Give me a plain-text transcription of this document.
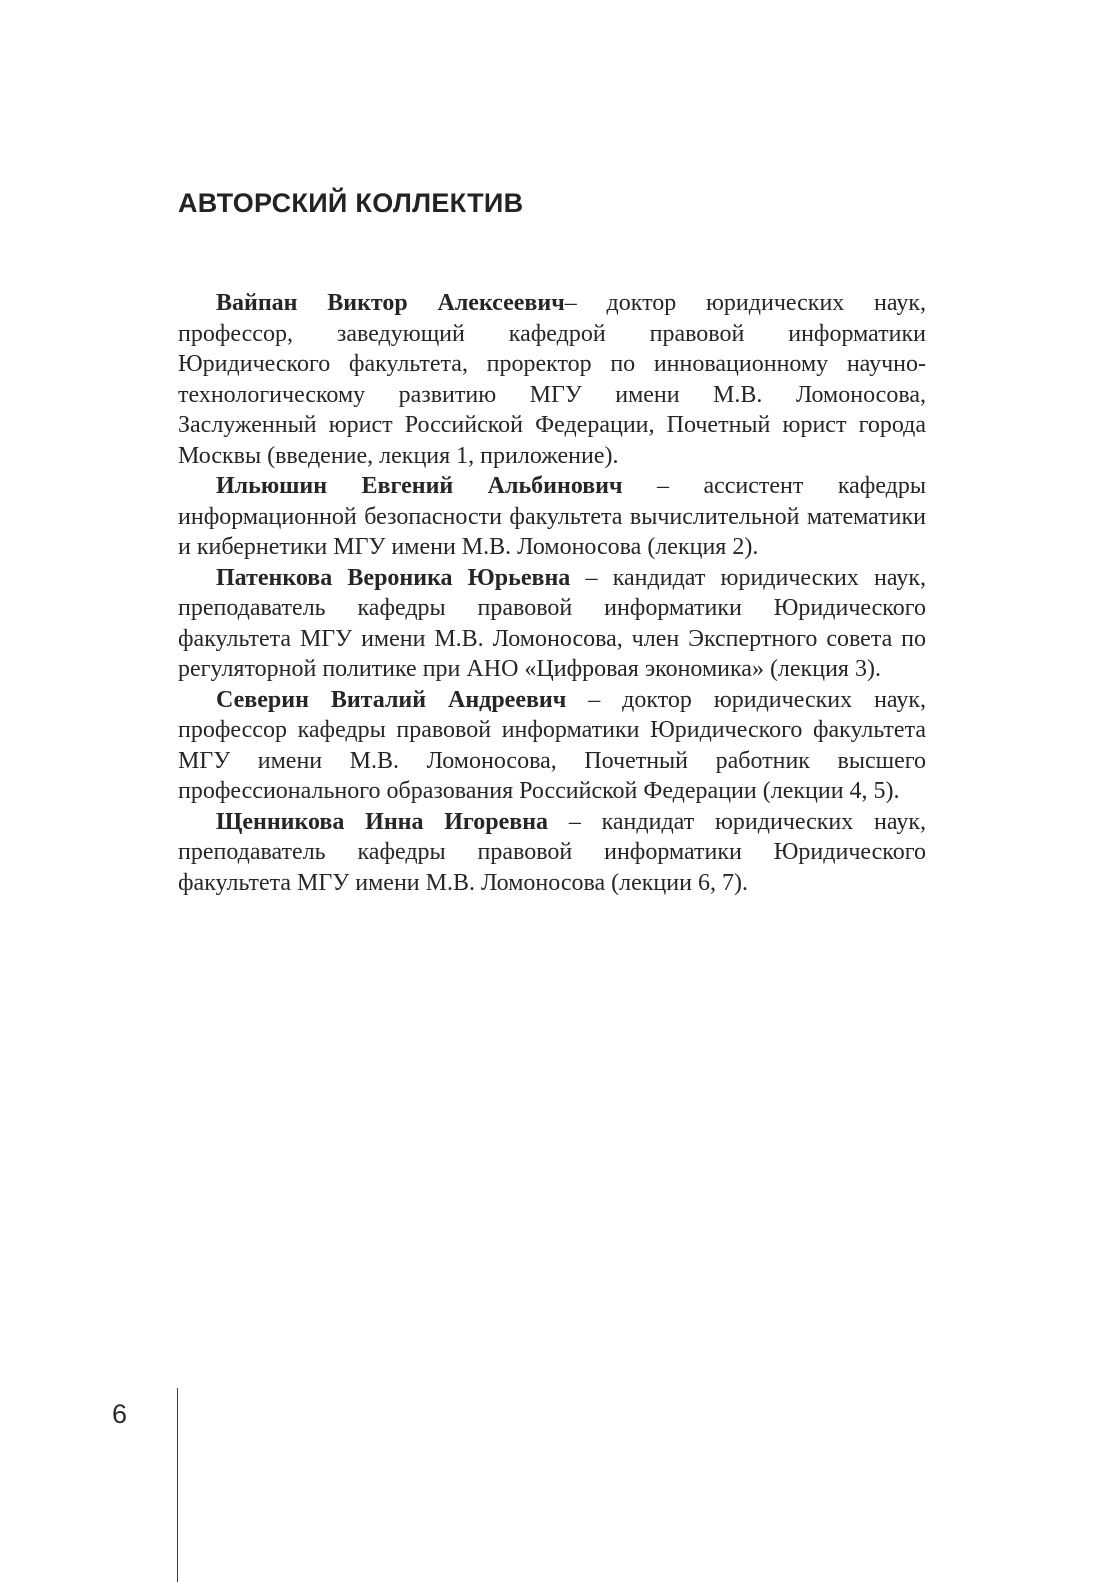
АВТОРСКИЙ КОЛЛЕКТИВ

Вайпан Виктор Алексеевич– доктор юридических наук, профессор, заведующий кафедрой правовой информатики Юридического факультета, проректор по инновационному научно-технологическому развитию МГУ имени М.В. Ломоносова, Заслуженный юрист Российской Федерации, Почетный юрист города Москвы (введение, лекция 1, приложение).

Ильюшин Евгений Альбинович – ассистент кафедры информационной безопасности факультета вычислительной математики и кибернетики МГУ имени М.В. Ломоносова (лекция 2).

Патенкова Вероника Юрьевна – кандидат юридических наук, преподаватель кафедры правовой информатики Юридического факультета МГУ имени М.В. Ломоносова, член Экспертного совета по регуляторной политике при АНО «Цифровая экономика» (лекция 3).

Северин Виталий Андреевич – доктор юридических наук, профессор кафедры правовой информатики Юридического факультета МГУ имени М.В. Ломоносова, Почетный работник высшего профессионального образования Российской Федерации (лекции 4, 5).

Щенникова Инна Игоревна – кандидат юридических наук, преподаватель кафедры правовой информатики Юридического факультета МГУ имени М.В. Ломоносова (лекции 6, 7).

6
